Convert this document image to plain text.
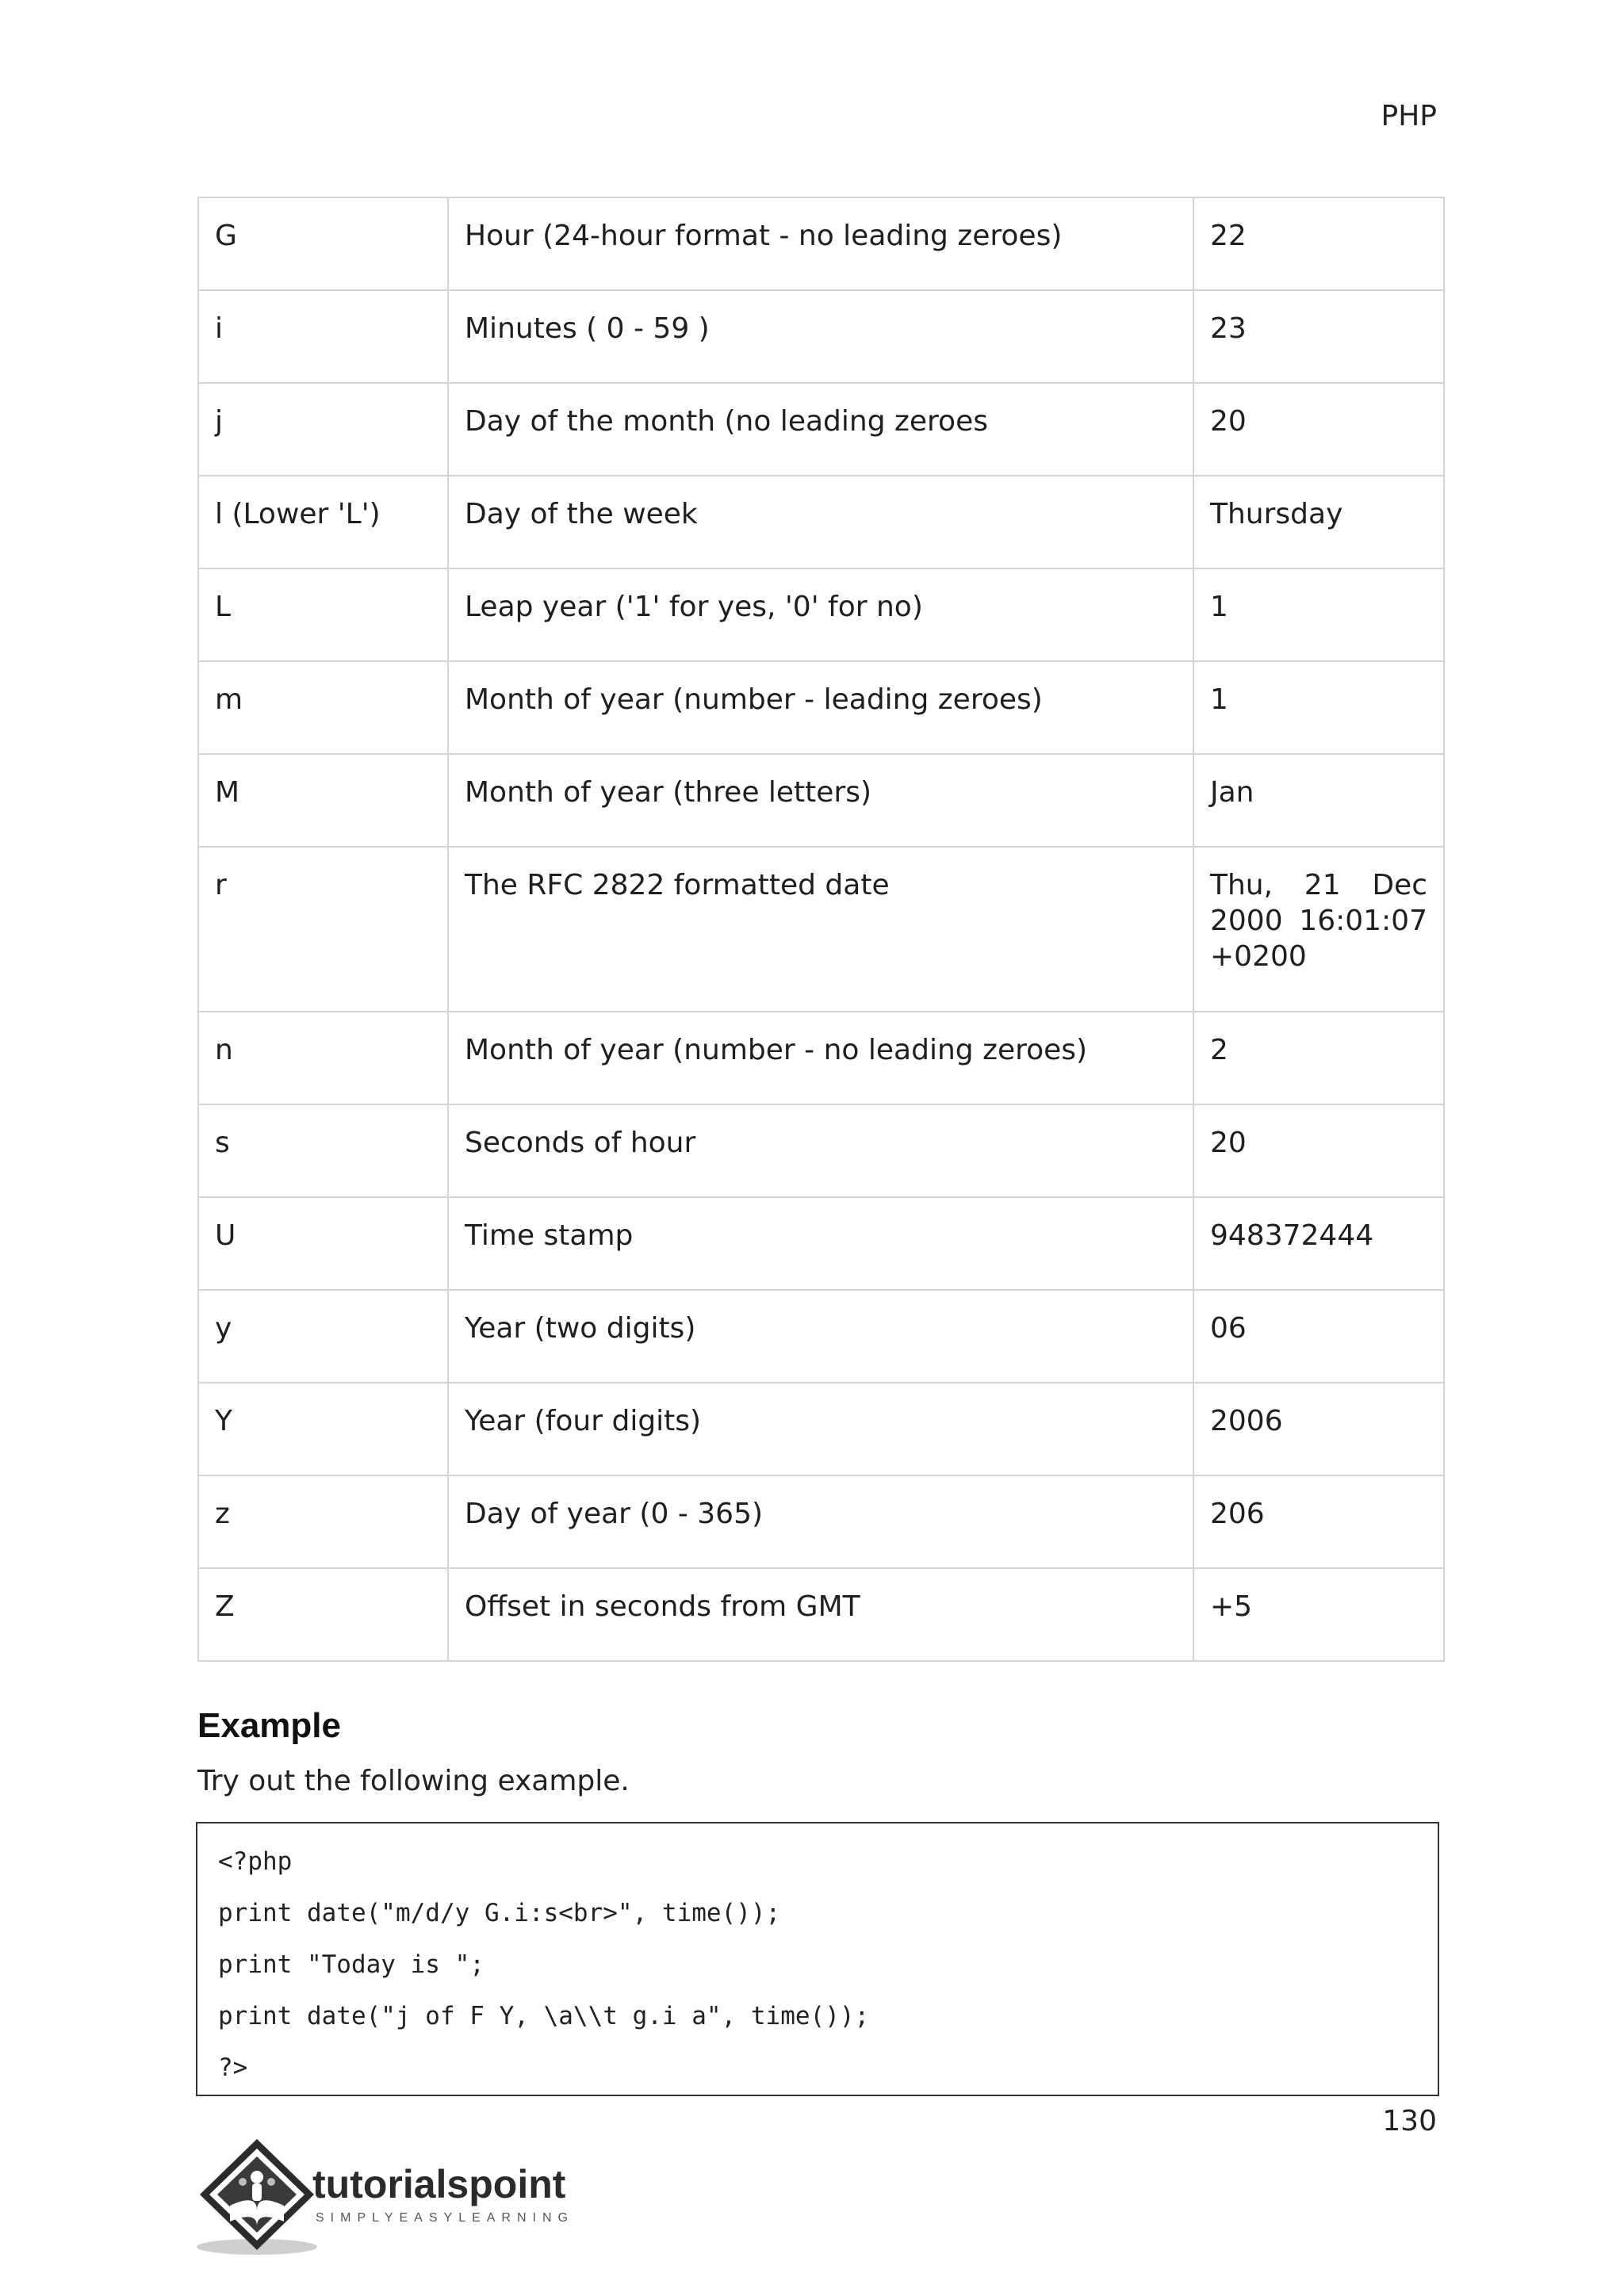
PHP
G	Hour (24-hour format - no leading zeroes)	22
i	Minutes ( 0 - 59 )	23
j	Day of the month (no leading zeroes	20
l (Lower 'L')	Day of the week	Thursday
L	Leap year ('1' for yes, '0' for no)	1
m	Month of year (number - leading zeroes)	1
M	Month of year (three letters)	Jan
r	The RFC 2822 formatted date	Thu, 21 Dec 2000 16:01:07 +0200
n	Month of year (number - no leading zeroes)	2
s	Seconds of hour	20
U	Time stamp	948372444
y	Year (two digits)	06
Y	Year (four digits)	2006
z	Day of year (0 - 365)	206
Z	Offset in seconds from GMT	+5
Example

Try out the following example.

<?php
print date("m/d/y G.i:s<br>", time());
print "Today is ";
print date("j of F Y, \a\\t g.i a", time());
?>
130
tutorialspoint
SIMPLYEASYLEARNING
